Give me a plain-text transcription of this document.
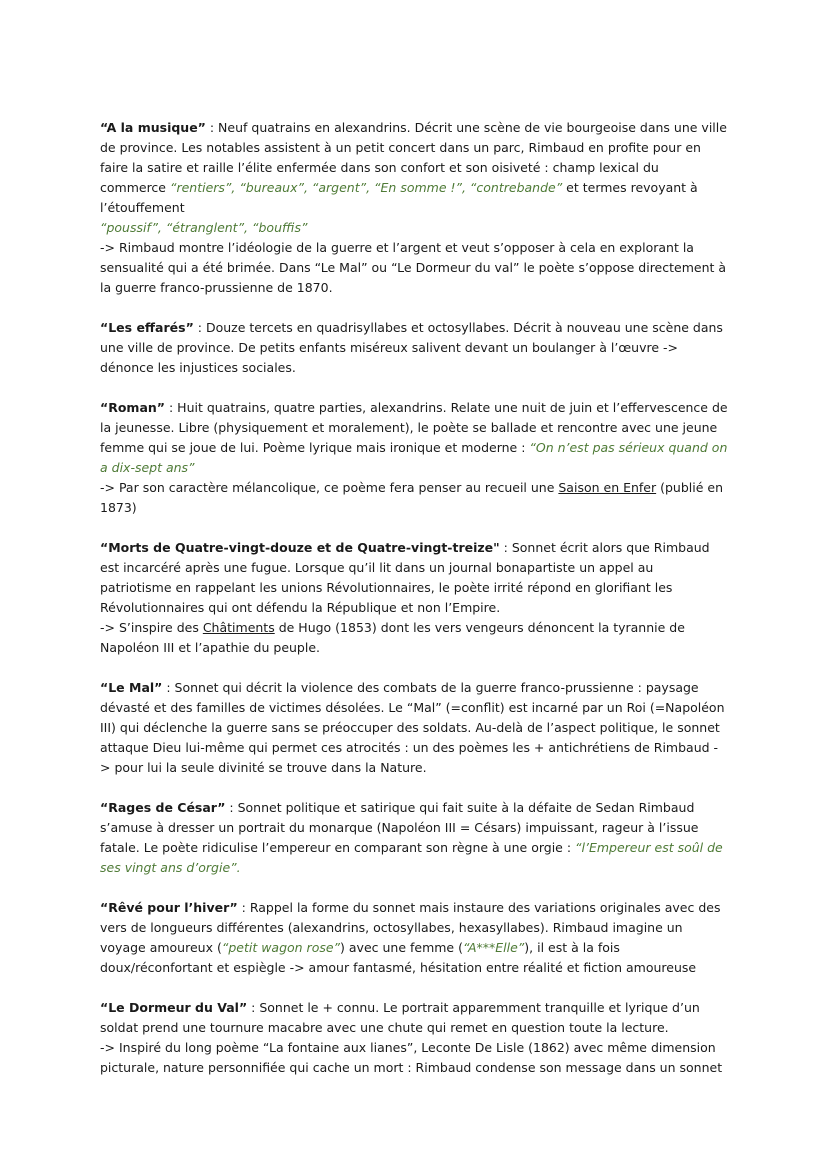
“A la musique” : Neuf quatrains en alexandrins. Décrit une scène de vie bourgeoise dans une ville de province. Les notables assistent à un petit concert dans un parc, Rimbaud en profite pour en faire la satire et raille l’élite enfermée dans son confort et son oisiveté : champ lexical du commerce “rentiers”, “bureaux”, “argent”, “En somme !”, “contrebande” et termes revoyant à l’étouffement
“poussif”, “étranglent”, “bouffis”

-> Rimbaud montre l’idéologie de la guerre et l’argent et veut s’opposer à cela en explorant la sensualité qui a été brimée. Dans “Le Mal” ou “Le Dormeur du val” le poète s’oppose directement à la guerre franco-prussienne de 1870.

“Les effarés” : Douze tercets en quadrisyllabes et octosyllabes. Décrit à nouveau une scène dans une ville de province. De petits enfants miséreux salivent devant un boulanger à l’œuvre -> dénonce les injustices sociales.

“Roman” : Huit quatrains, quatre parties, alexandrins. Relate une nuit de juin et l’effervescence de la jeunesse. Libre (physiquement et moralement), le poète se ballade et rencontre avec une jeune femme qui se joue de lui. Poème lyrique mais ironique et moderne : “On n’est pas sérieux quand on a dix-sept ans”

-> Par son caractère mélancolique, ce poème fera penser au recueil une Saison en Enfer (publié en 1873)

“Morts de Quatre-vingt-douze et de Quatre-vingt-treize" : Sonnet écrit alors que Rimbaud est incarcéré après une fugue. Lorsque qu’il lit dans un journal bonapartiste un appel au patriotisme en rappelant les unions Révolutionnaires, le poète irrité répond en glorifiant les Révolutionnaires qui ont défendu la République et non l’Empire.

-> S’inspire des Châtiments de Hugo (1853) dont les vers vengeurs dénoncent la tyrannie de Napoléon III et l’apathie du peuple.

“Le Mal” : Sonnet qui décrit la violence des combats de la guerre franco-prussienne : paysage dévasté et des familles de victimes désolées. Le “Mal” (=conflit) est incarné par un Roi (=Napoléon III) qui déclenche la guerre sans se préoccuper des soldats. Au-delà de l’aspect politique, le sonnet attaque Dieu lui-même qui permet ces atrocités : un des poèmes les + antichrétiens de Rimbaud -> pour lui la seule divinité se trouve dans la Nature.

“Rages de César” : Sonnet politique et satirique qui fait suite à la défaite de Sedan Rimbaud s’amuse à dresser un portrait du monarque (Napoléon III = Césars) impuissant, rageur à l’issue fatale. Le poète ridiculise l’empereur en comparant son règne à une orgie : “l’Empereur est soûl de ses vingt ans d’orgie”.

“Rêvé pour l’hiver” : Rappel la forme du sonnet mais instaure des variations originales avec des vers de longueurs différentes (alexandrins, octosyllabes, hexasyllabes). Rimbaud imagine un voyage amoureux (“petit wagon rose”) avec une femme (“A***Elle”), il est à la fois doux/réconfortant et espiègle -> amour fantasmé, hésitation entre réalité et fiction amoureuse

“Le Dormeur du Val” : Sonnet le + connu. Le portrait apparemment tranquille et lyrique d’un soldat prend une tournure macabre avec une chute qui remet en question toute la lecture.

-> Inspiré du long poème “La fontaine aux lianes”, Leconte De Lisle (1862) avec même dimension picturale, nature personnifiée qui cache un mort : Rimbaud condense son message dans un sonnet
